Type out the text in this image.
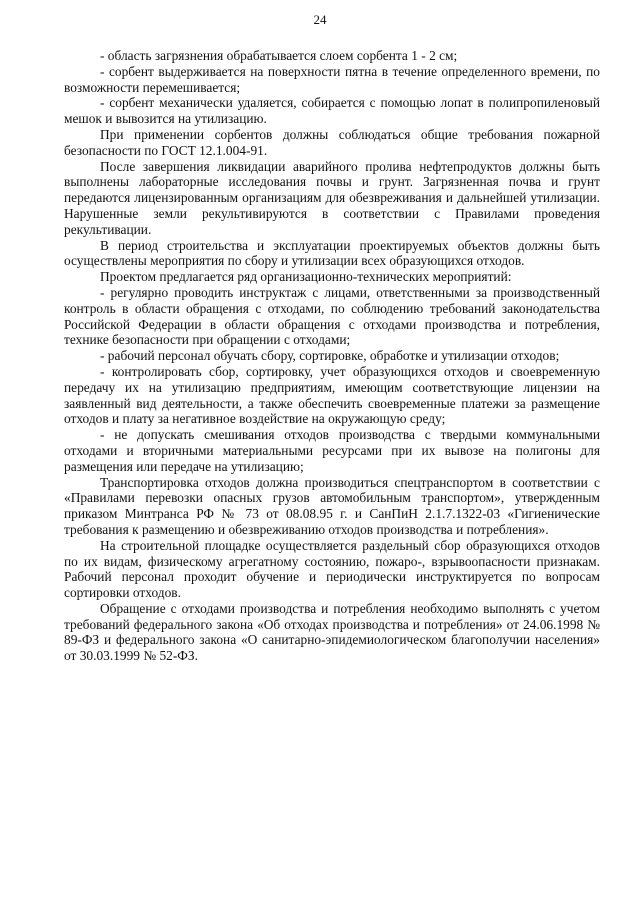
24

- область загрязнения обрабатывается слоем сорбента 1 - 2 см;

- сорбент выдерживается на поверхности пятна в течение определенного времени, по возможности перемешивается;

- сорбент механически удаляется, собирается с помощью лопат в полипропиленовый мешок и вывозится на утилизацию.

При применении сорбентов должны соблюдаться общие требования пожарной безопасности по ГОСТ 12.1.004-91.

После завершения ликвидации аварийного пролива нефтепродуктов должны быть выполнены лабораторные исследования почвы и грунт. Загрязненная почва и грунт передаются лицензированным организациям для обезвреживания и дальнейшей утилизации. Нарушенные земли рекультивируются в соответствии с Правилами проведения рекультивации.

В период строительства и эксплуатации проектируемых объектов должны быть осуществлены мероприятия по сбору и утилизации всех образующихся отходов.

Проектом предлагается ряд организационно-технических мероприятий:

- регулярно проводить инструктаж с лицами, ответственными за производственный контроль в области обращения с отходами, по соблюдению требований законодательства Российской Федерации в области обращения с отходами производства и потребления, технике безопасности при обращении с отходами;

- рабочий персонал обучать сбору, сортировке, обработке и утилизации отходов;

- контролировать сбор, сортировку, учет образующихся отходов и своевременную передачу их на утилизацию предприятиям, имеющим соответствующие лицензии на заявленный вид деятельности, а также обеспечить своевременные платежи за размещение отходов и плату за негативное воздействие на окружающую среду;

- не допускать смешивания отходов производства с твердыми коммунальными отходами и вторичными материальными ресурсами при их вывозе на полигоны для размещения или передаче на утилизацию;

Транспортировка отходов должна производиться спецтранспортом в соответствии с «Правилами перевозки опасных грузов автомобильным транспортом», утвержденным приказом Минтранса РФ № 73 от 08.08.95 г. и СанПиН 2.1.7.1322-03 «Гигиенические требования к размещению и обезвреживанию отходов производства и потребления».

На строительной площадке осуществляется раздельный сбор образующихся отходов по их видам, физическому агрегатному состоянию, пожаро-, взрывоопасности признакам. Рабочий персонал проходит обучение и периодически инструктируется по вопросам сортировки отходов.

Обращение с отходами производства и потребления необходимо выполнять с учетом требований федерального закона «Об отходах производства и потребления» от 24.06.1998 № 89-ФЗ и федерального закона «О санитарно-эпидемиологическом благополучии населения» от 30.03.1999 № 52-ФЗ.
